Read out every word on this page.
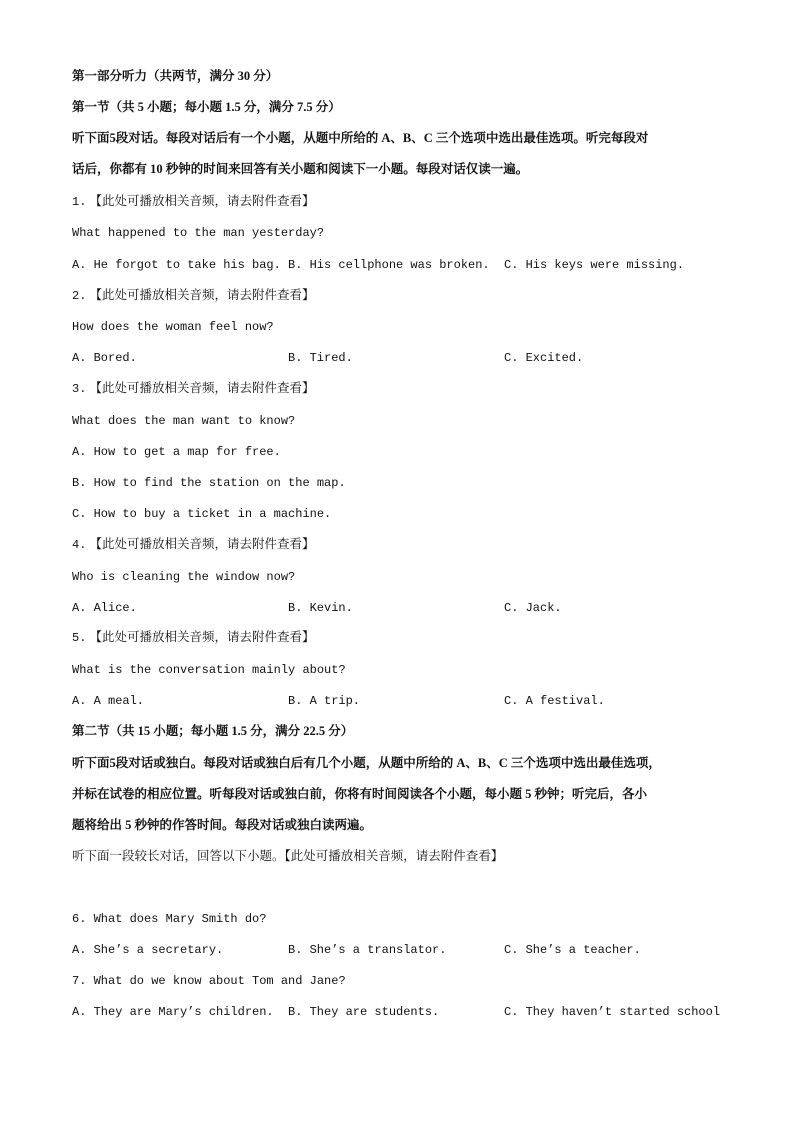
第一部分听力（共两节，满分 30 分）
第一节（共 5 小题；每小题 1.5 分，满分 7.5 分）
听下面5段对话。每段对话后有一个小题，从题中所给的 A、B、C 三个选项中选出最佳选项。听完每段对
话后，你都有 10 秒钟的时间来回答有关小题和阅读下一小题。每段对话仅读一遍。
1. 【此处可播放相关音频，请去附件查看】
What happened to the man yesterday?
A. He forgot to take his bag. B. His cellphone was broken. C. His keys were missing.
2. 【此处可播放相关音频，请去附件查看】
How does the woman feel now?
A. Bored.	B. Tired.	C. Excited.
3. 【此处可播放相关音频，请去附件查看】
What does the man want to know?
A. How to get a map for free.
B. How to find the station on the map.
C. How to buy a ticket in a machine.
4. 【此处可播放相关音频，请去附件查看】
Who is cleaning the window now?
A. Alice.	B. Kevin.	C. Jack.
5. 【此处可播放相关音频，请去附件查看】
What is the conversation mainly about?
A. A meal.	B. A trip.	C. A festival.
第二节（共 15 小题；每小题 1.5 分，满分 22.5 分）
听下面5段对话或独白。每段对话或独白后有几个小题，从题中所给的 A、B、C 三个选项中选出最佳选项，
并标在试卷的相应位置。听每段对话或独白前，你将有时间阅读各个小题，每小题 5 秒钟；听完后，各小
题将给出 5 秒钟的作答时间。每段对话或独白读两遍。
听下面一段较长对话，回答以下小题。【此处可播放相关音频，请去附件查看】
6. What does Mary Smith do?
A. She’s a secretary.	B. She’s a translator.	C. She’s a teacher.
7. What do we know about Tom and Jane?
A. They are Mary’s children. B. They are students.	C. They haven’t started school
